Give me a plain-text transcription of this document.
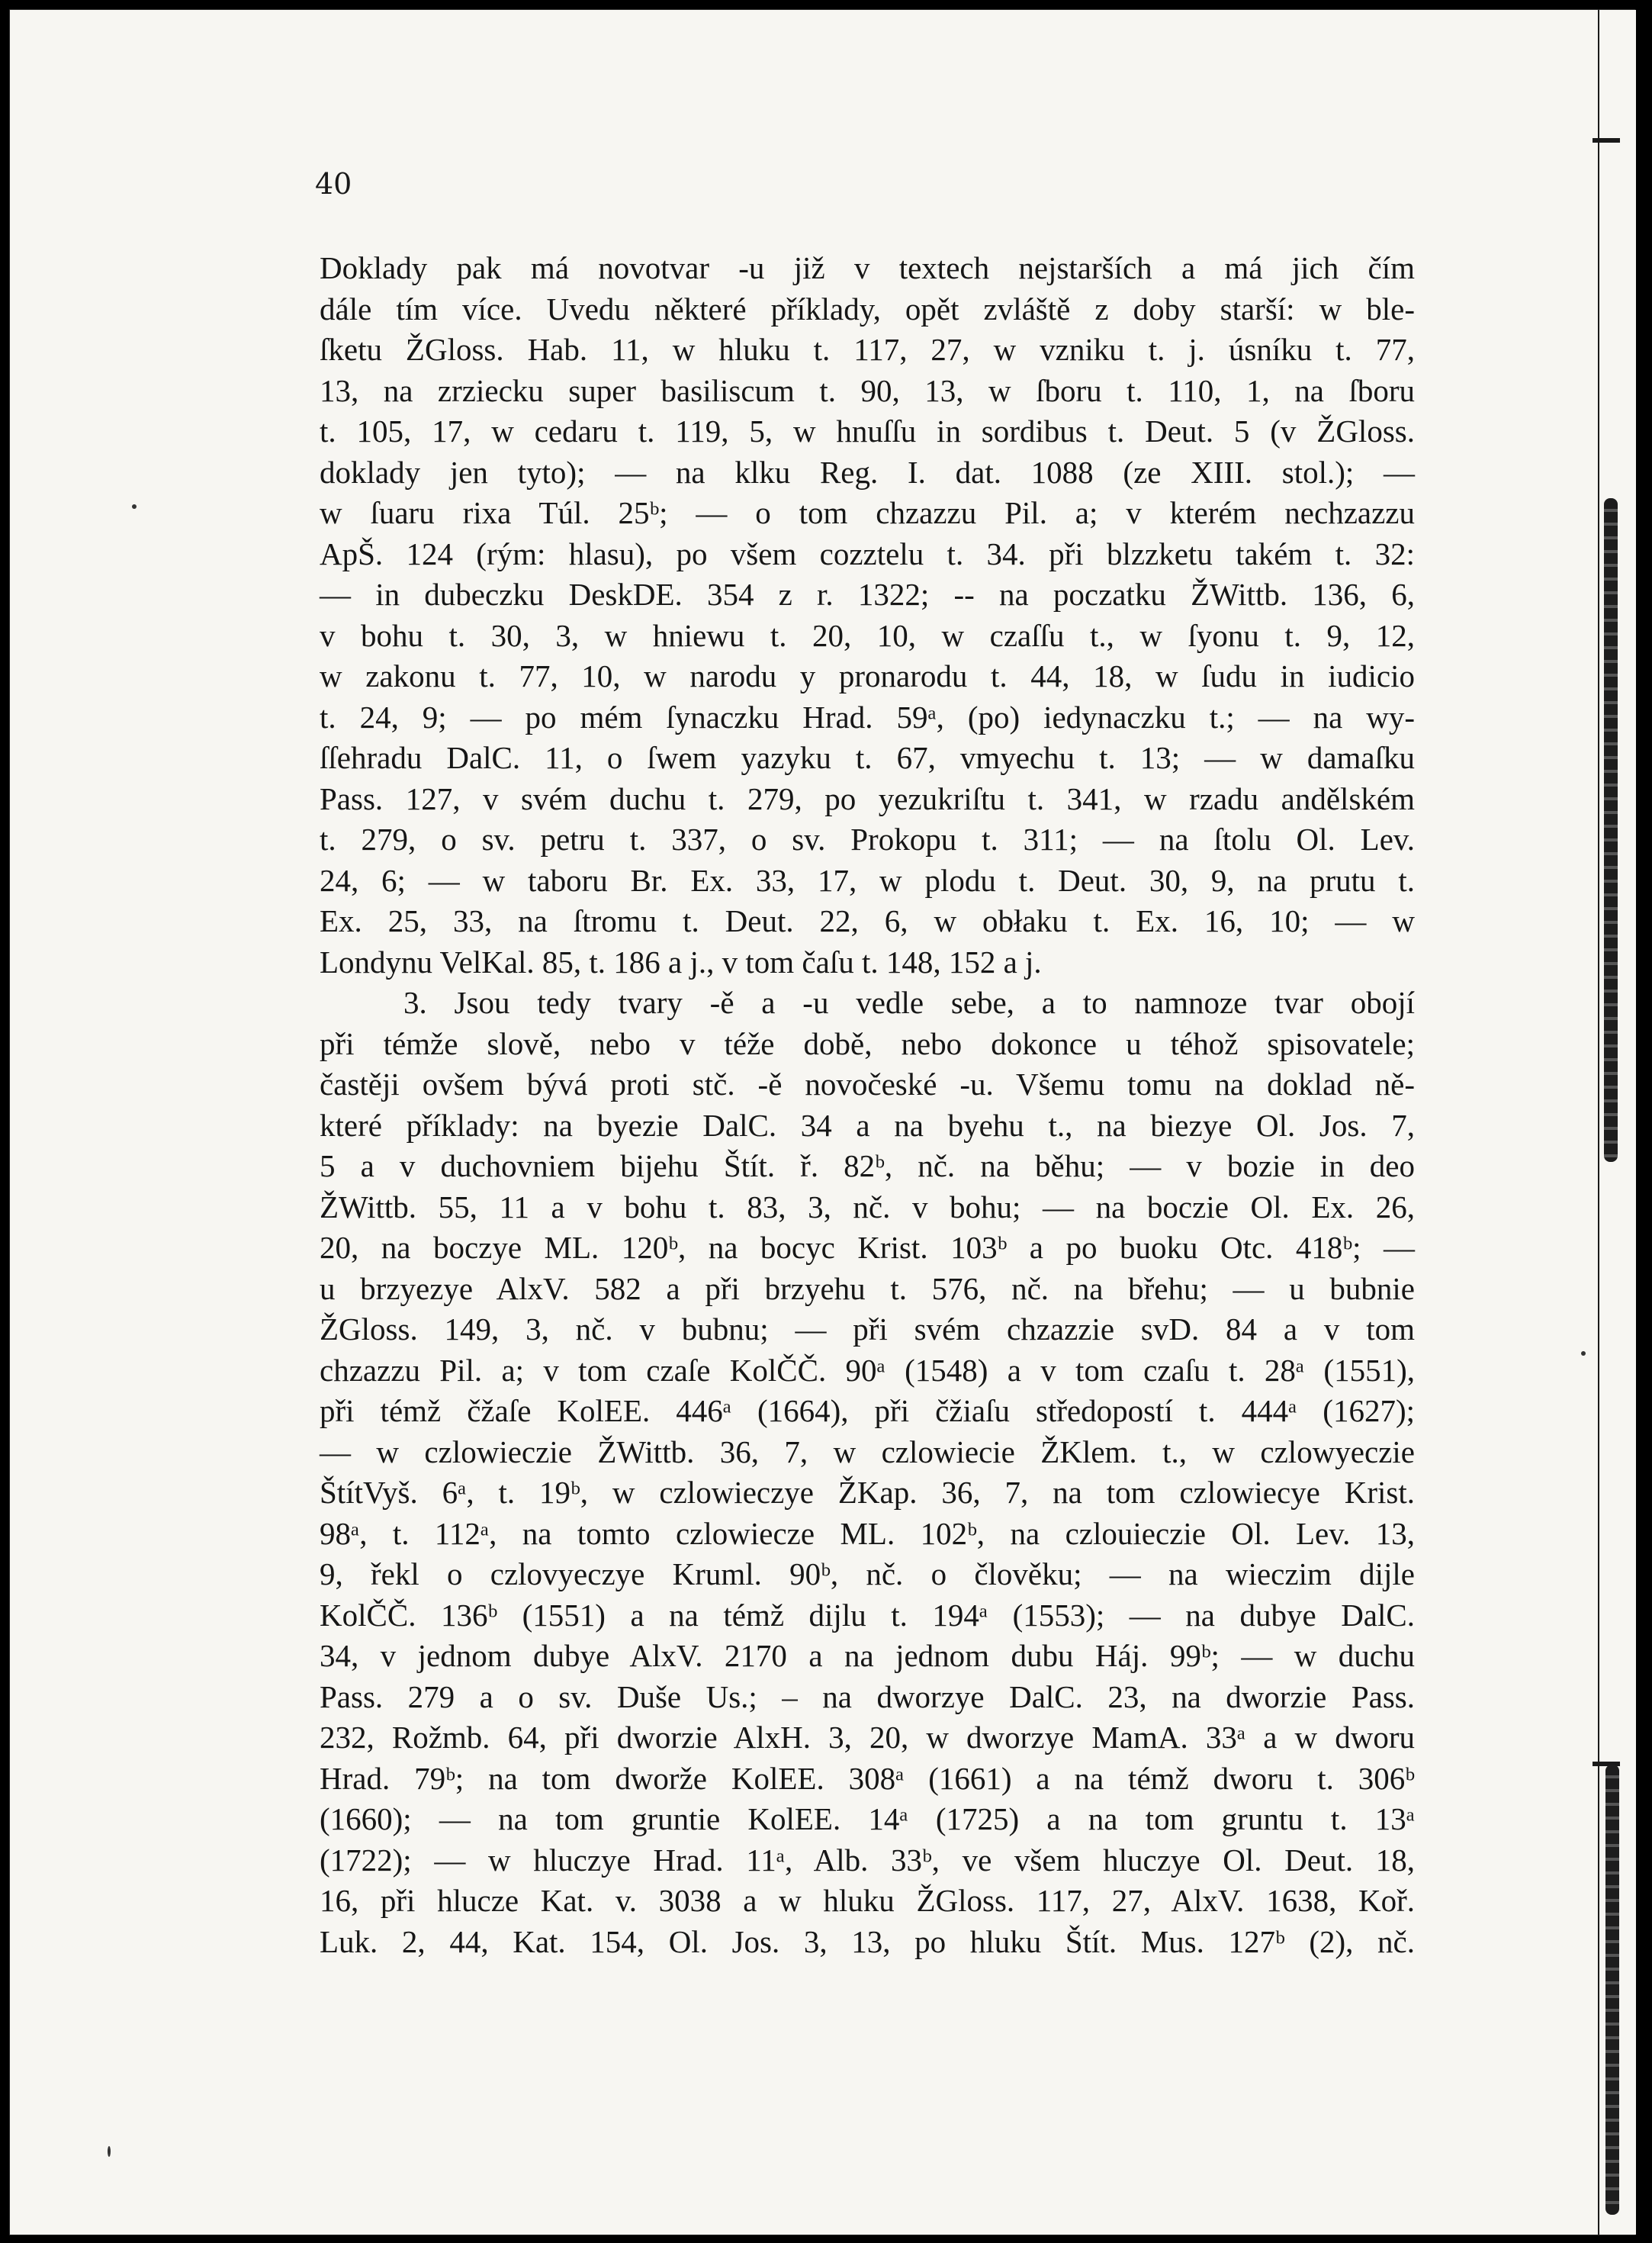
40
Doklady pak má novotvar -u již v textech nejstarších a má jich čím
dále tím více. Uvedu některé příklady, opět zvláště z doby starší: w ble-
ſketu ŽGloss. Hab. 11, w hluku t. 117, 27, w vzniku t. j. úsníku t. 77,
13, na zrziecku super basiliscum t. 90, 13, w ſboru t. 110, 1, na ſboru
t. 105, 17, w cedaru t. 119, 5, w hnuſſu in sordibus t. Deut. 5 (v ŽGloss.
doklady jen tyto); — na klku Reg. I. dat. 1088 (ze XIII. stol.); —
w ſuaru rixa Túl. 25ᵇ; — o tom chzazzu Pil. a; v kterém nechzazzu
ApŠ. 124 (rým: hlasu), po všem cozztelu t. 34. při blzzketu takém t. 32:
— in dubeczku DeskDE. 354 z r. 1322; -- na poczatku ŽWittb. 136, 6,
v bohu t. 30, 3, w hniewu t. 20, 10, w czaſſu t., w ſyonu t. 9, 12,
w zakonu t. 77, 10, w narodu y pronarodu t. 44, 18, w ſudu in iudicio
t. 24, 9; — po mém ſynaczku Hrad. 59ᵃ, (po) iedynaczku t.; — na wy-
ſſehradu DalC. 11, o ſwem yazyku t. 67, vmyechu t. 13; — w damaſku
Pass. 127, v svém duchu t. 279, po yezukriſtu t. 341, w rzadu andělském
t. 279, o sv. petru t. 337, o sv. Prokopu t. 311; — na ſtolu Ol. Lev.
24, 6; — w taboru Br. Ex. 33, 17, w plodu t. Deut. 30, 9, na prutu t.
Ex. 25, 33, na ſtromu t. Deut. 22, 6, w obłaku t. Ex. 16, 10; — w
Londynu VelKal. 85, t. 186 a j., v tom čaſu t. 148, 152 a j.
3. Jsou tedy tvary -ě a -u vedle sebe, a to namnoze tvar obojí
při témže slově, nebo v téže době, nebo dokonce u téhož spisovatele;
častěji ovšem bývá proti stč. -ě novočeské -u. Všemu tomu na doklad ně-
které příklady: na byezie DalC. 34 a na byehu t., na biezye Ol. Jos. 7,
5 a v duchovniem bijehu Štít. ř. 82ᵇ, nč. na běhu; — v bozie in deo
ŽWittb. 55, 11 a v bohu t. 83, 3, nč. v bohu; — na boczie Ol. Ex. 26,
20, na boczye ML. 120ᵇ, na bocyc Krist. 103ᵇ a po buoku Otc. 418ᵇ; —
u brzyezye AlxV. 582 a při brzyehu t. 576, nč. na břehu; — u bubnie
ŽGloss. 149, 3, nč. v bubnu; — při svém chzazzie svD. 84 a v tom
chzazzu Pil. a; v tom czaſe KolČČ. 90ᵃ (1548) a v tom czaſu t. 28ᵃ (1551),
při témž čžaſe KolEE. 446ᵃ (1664), při čžiaſu středopostí t. 444ᵃ (1627);
— w czlowieczie ŽWittb. 36, 7, w czlowiecie ŽKlem. t., w czlowyeczie
ŠtítVyš. 6ᵃ, t. 19ᵇ, w czlowieczye ŽKap. 36, 7, na tom czlowiecye Krist.
98ᵃ, t. 112ᵃ, na tomto czlowiecze ML. 102ᵇ, na czlouieczie Ol. Lev. 13,
9, řekl o czlovyeczye Kruml. 90ᵇ, nč. o člověku; — na wieczim dijle
KolČČ. 136ᵇ (1551) a na témž dijlu t. 194ᵃ (1553); — na dubye DalC.
34, v jednom dubye AlxV. 2170 a na jednom dubu Háj. 99ᵇ; — w duchu
Pass. 279 a o sv. Duše Us.; – na dworzye DalC. 23, na dworzie Pass.
232, Rožmb. 64, při dworzie AlxH. 3, 20, w dworzye MamA. 33ᵃ a w dworu
Hrad. 79ᵇ; na tom dworže KolEE. 308ᵃ (1661) a na témž dworu t. 306ᵇ
(1660); — na tom gruntie KolEE. 14ᵃ (1725) a na tom gruntu t. 13ᵃ
(1722); — w hluczye Hrad. 11ᵃ, Alb. 33ᵇ, ve všem hluczye Ol. Deut. 18,
16, při hlucze Kat. v. 3038 a w hluku ŽGloss. 117, 27, AlxV. 1638, Koř.
Luk. 2, 44, Kat. 154, Ol. Jos. 3, 13, po hluku Štít. Mus. 127ᵇ (2), nč.
